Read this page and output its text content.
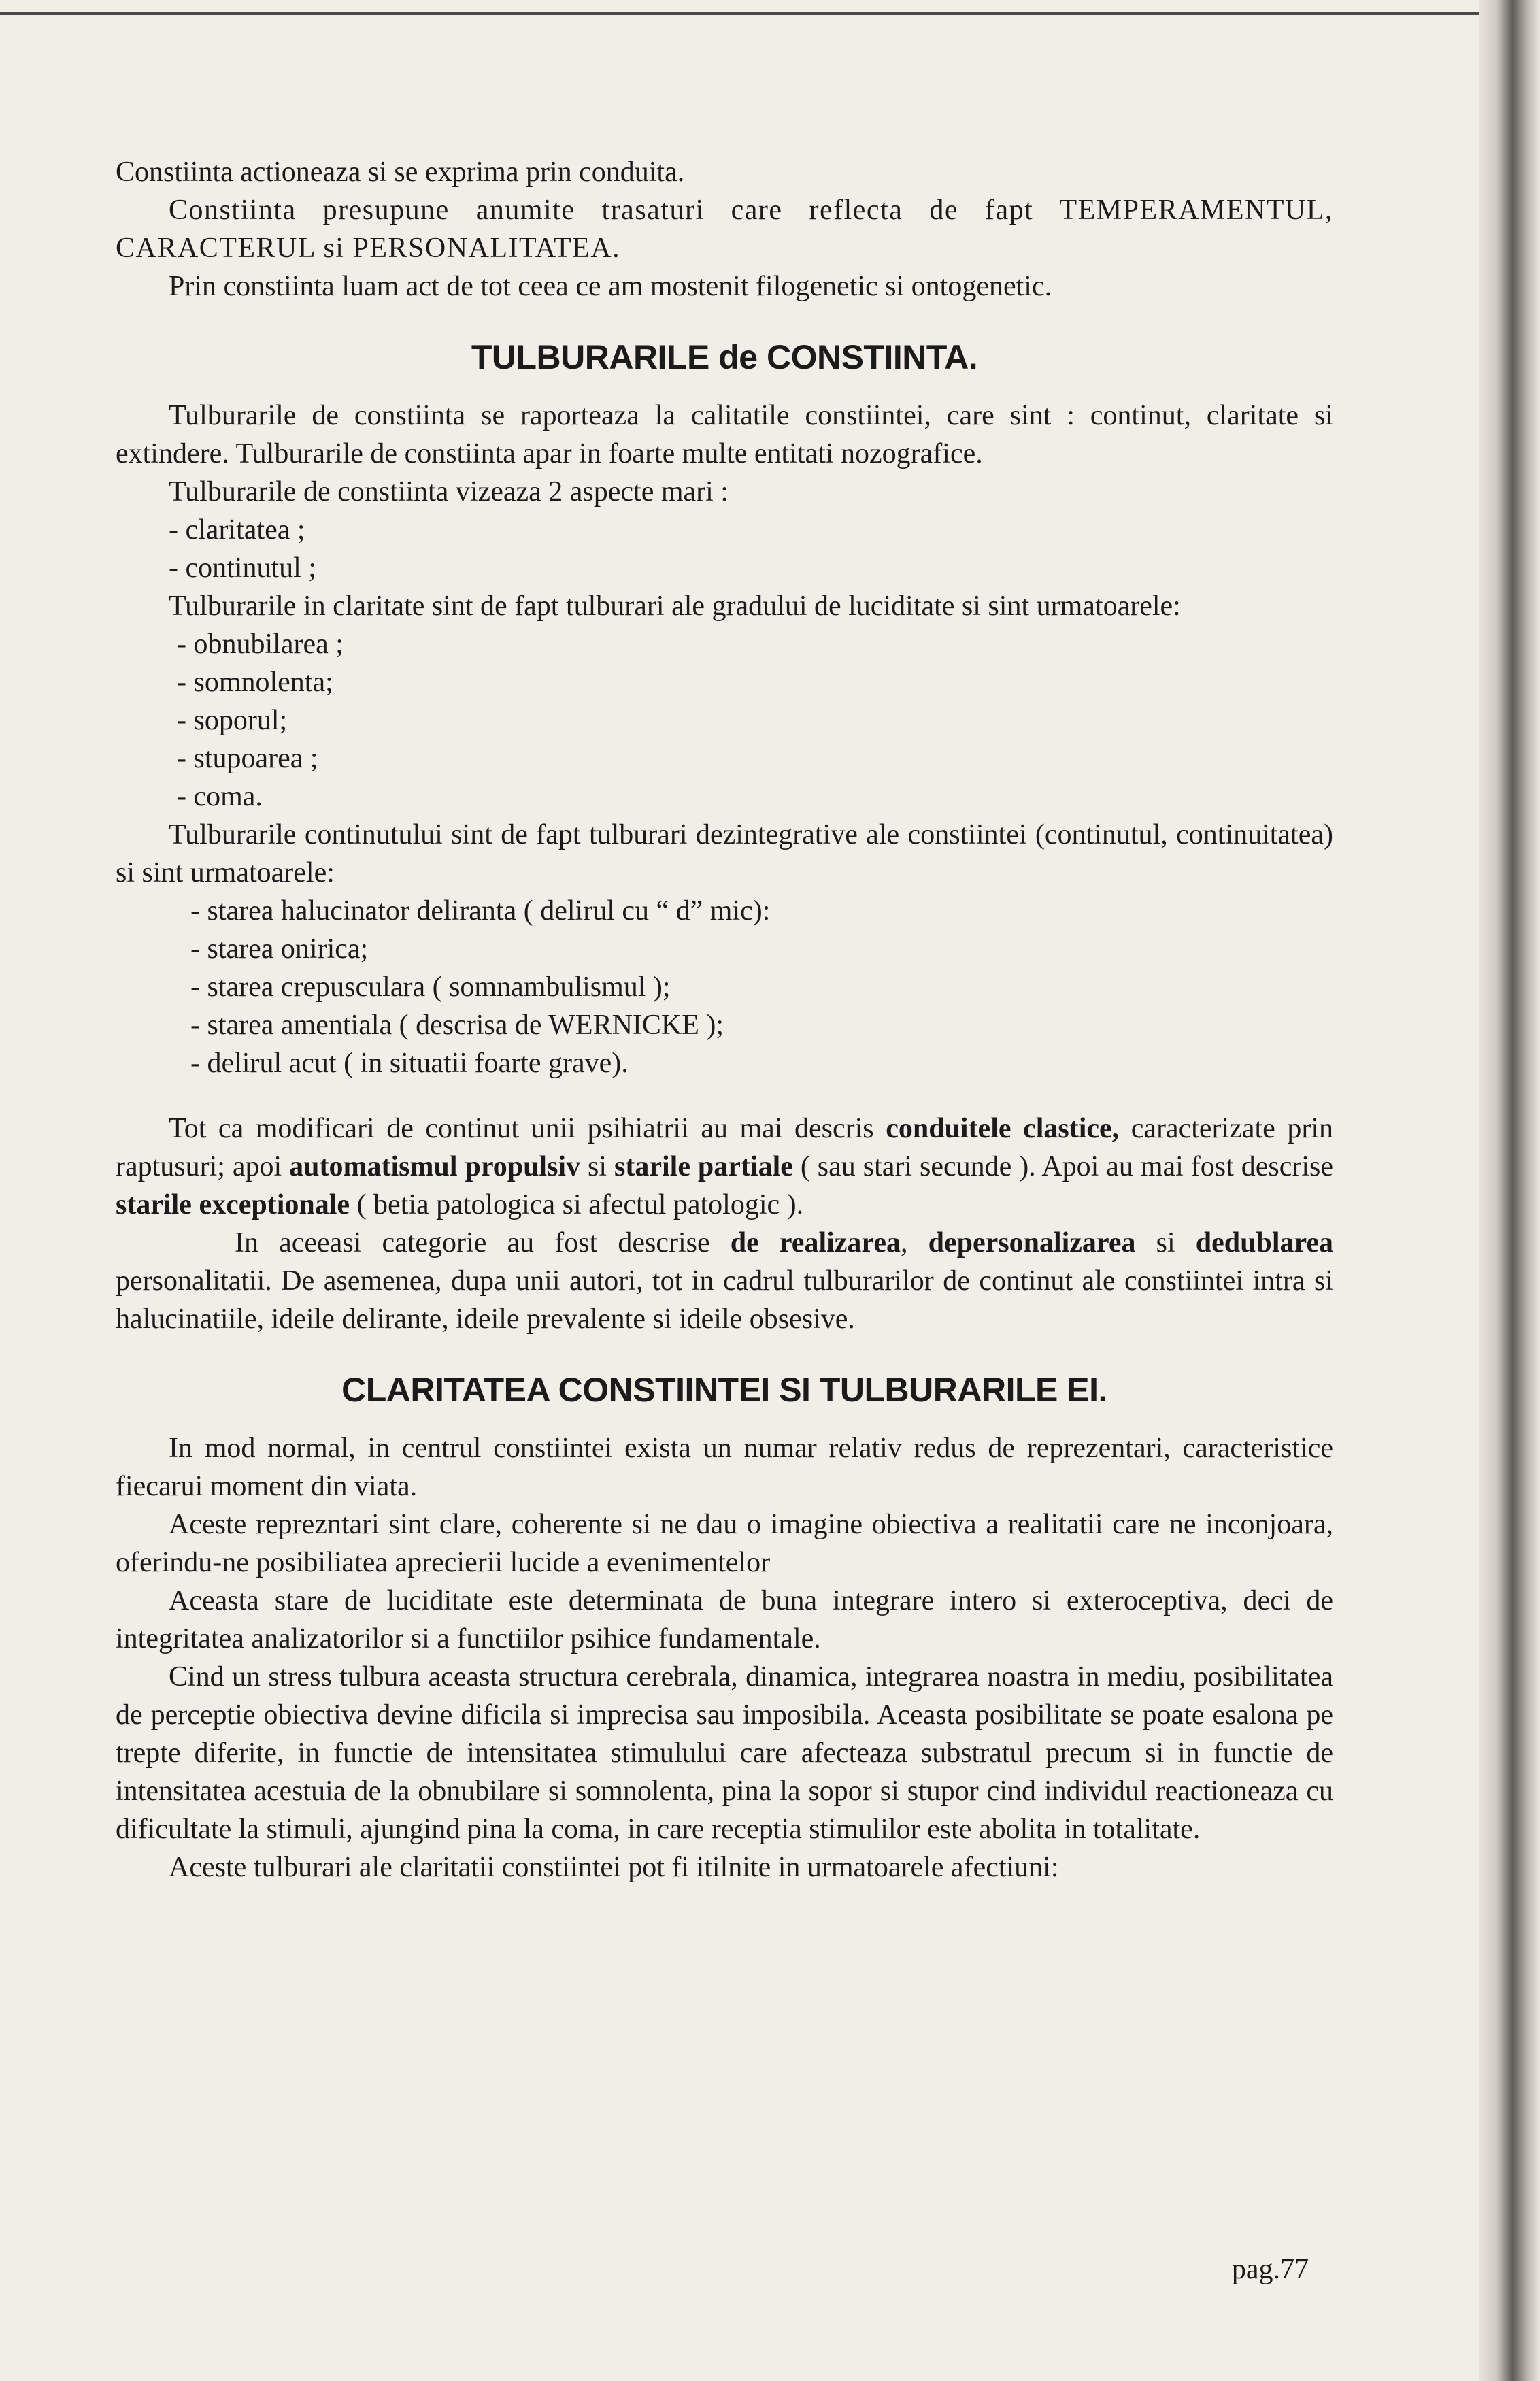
Constiinta actioneaza si se exprima prin conduita.

Constiinta presupune anumite trasaturi care reflecta de fapt TEMPERAMENTUL, CARACTERUL si PERSONALITATEA.

Prin constiinta luam act de tot ceea ce am mostenit filogenetic si ontogenetic.

TULBURARILE de CONSTIINTA.

Tulburarile de constiinta se raporteaza la calitatile constiintei, care sint : continut, claritate si extindere. Tulburarile de constiinta apar in foarte multe entitati nozografice.

Tulburarile de constiinta vizeaza 2 aspecte mari :

- claritatea ;

- continutul ;

Tulburarile in claritate sint de fapt tulburari ale gradului de luciditate si sint urmatoarele:

- obnubilarea ;

- somnolenta;

- soporul;

- stupoarea ;

- coma.

Tulburarile continutului sint de fapt tulburari dezintegrative ale constiintei (continutul, continuitatea) si sint urmatoarele:

- starea halucinator deliranta ( delirul cu “ d” mic):

- starea onirica;

- starea crepusculara ( somnambulismul );

- starea amentiala ( descrisa de WERNICKE );

- delirul acut ( in situatii foarte grave).

Tot ca modificari de continut unii psihiatrii au mai descris conduitele clastice, caracterizate prin raptusuri; apoi automatismul propulsiv si starile partiale ( sau stari secunde ). Apoi au mai fost descrise starile exceptionale ( betia patologica si afectul patologic ).

In aceeasi categorie au fost descrise de realizarea, depersonalizarea si dedublarea personalitatii. De asemenea, dupa unii autori, tot in cadrul tulburarilor de continut ale constiintei intra si halucinatiile, ideile delirante, ideile prevalente si ideile obsesive.

CLARITATEA CONSTIINTEI SI TULBURARILE EI.

In mod normal, in centrul constiintei exista un numar relativ redus de reprezentari, caracteristice fiecarui moment din viata.

Aceste reprezntari sint clare, coherente si ne dau o imagine obiectiva a realitatii care ne inconjoara, oferindu-ne posibiliatea aprecierii lucide a evenimentelor

Aceasta stare de luciditate este determinata de buna integrare intero si exteroceptiva, deci de integritatea analizatorilor si a functiilor psihice fundamentale.

Cind un stress tulbura aceasta structura cerebrala, dinamica, integrarea noastra in mediu, posibilitatea de perceptie obiectiva devine dificila si imprecisa sau imposibila. Aceasta posibilitate se poate esalona pe trepte diferite, in functie de intensitatea stimulului care afecteaza substratul precum si in functie de intensitatea acestuia de la obnubilare si somnolenta, pina la sopor si stupor cind individul reactioneaza cu dificultate la stimuli, ajungind pina la coma, in care receptia stimulilor este abolita in totalitate.

Aceste tulburari ale claritatii constiintei pot fi itilnite in urmatoarele afectiuni:

pag.77
